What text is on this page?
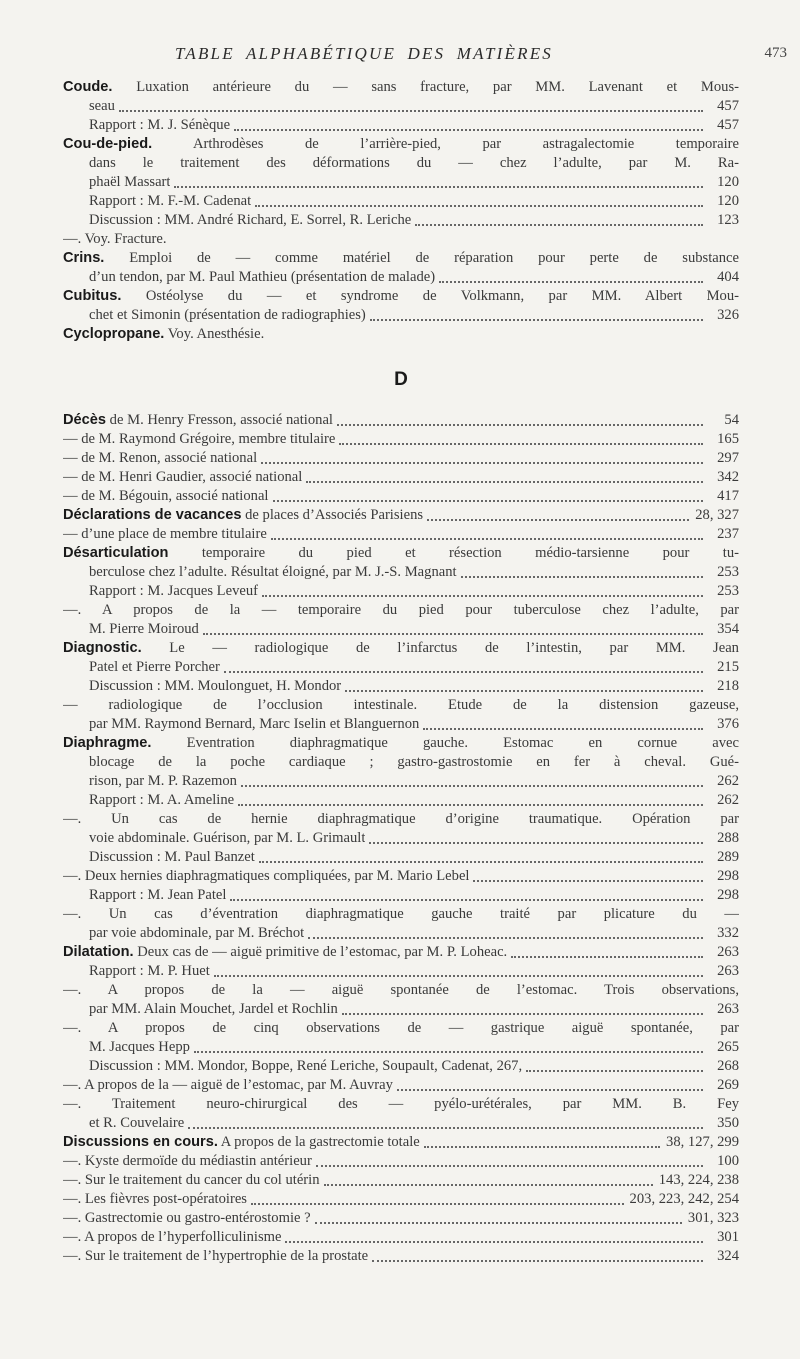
TABLE ALPHABÉTIQUE DES MATIÈRES	473
Coude. Luxation antérieure du — sans fracture, par MM. Lavenant et Mous-
seau	457
Rapport : M. J. Sénèque	457
Cou-de-pied.	Arthrodèses de l’arrière-pied, par astragalectomie temporaire
dans le traitement des déformations du — chez l’adulte, par M. Ra-
phaël Massart	120
Rapport : M. F.-M. Cadenat	120
Discussion : MM. André Richard, E. Sorrel, R. Leriche	123
—. Voy. Fracture.
Crins. Emploi de — comme matériel de réparation pour perte de substance
d’un tendon, par M. Paul Mathieu (présentation de malade)	404
Cubitus. Ostéolyse du — et syndrome de Volkmann, par MM. Albert Mou-
chet et Simonin (présentation de radiographies)	326
Cyclopropane. Voy. Anesthésie.
D
Décès de M. Henry Fresson, associé national	54
— de M. Raymond Grégoire, membre titulaire	165
— de M. Renon, associé national	297
— de M. Henri Gaudier, associé national	342
— de M. Bégouin, associé national	417
Déclarations de vacances de places d’Associés Parisiens	28, 327
— d’une place de membre titulaire	237
Désarticulation temporaire du pied et résection médio-tarsienne pour tu-
berculose chez l’adulte. Résultat éloigné, par M. J.-S. Magnant	253
Rapport : M. Jacques Leveuf	253
—. A propos de la — temporaire du pied pour tuberculose chez l’adulte, par
M. Pierre Moiroud	354
Diagnostic. Le — radiologique de l’infarctus de l’intestin, par MM. Jean
Patel et Pierre Porcher	215
Discussion : MM. Moulonguet, H. Mondor	218
— radiologique de l’occlusion intestinale. Etude de la distension gazeuse,
par MM. Raymond Bernard, Marc Iselin et Blanguernon	376
Diaphragme. Eventration diaphragmatique gauche. Estomac en cornue avec
blocage de la poche cardiaque ; gastro-gastrostomie en fer à cheval. Gué-
rison, par M. P. Razemon	262
Rapport : M. A. Ameline	262
—. Un cas de hernie diaphragmatique d’origine traumatique. Opération par
voie abdominale. Guérison, par M. L. Grimault	288
Discussion : M. Paul Banzet	289
—. Deux hernies diaphragmatiques compliquées, par M. Mario Lebel	298
Rapport : M. Jean Patel	298
—. Un cas d’éventration diaphragmatique gauche traité par plicature du —
par voie abdominale, par M. Bréchot	332
Dilatation. Deux cas de — aiguë primitive de l’estomac, par M. P. Loheac.	263
Rapport : M. P. Huet	263
—. A propos de la — aiguë spontanée de l’estomac. Trois observations,
par MM. Alain Mouchet, Jardel et Rochlin	263
—. A propos de cinq observations de — gastrique aiguë spontanée, par
M. Jacques Hepp	265
Discussion : MM. Mondor, Boppe, René Leriche, Soupault, Cadenat, 267,	268
—. A propos de la — aiguë de l’estomac, par M. Auvray	269
—. Traitement neuro-chirurgical des — pyélo-urétérales, par MM. B. Fey
et R. Couvelaire	350
Discussions en cours. A propos de la gastrectomie totale	38, 127, 299
—. Kyste dermoïde du médiastin antérieur	100
—. Sur le traitement du cancer du col utérin	143, 224, 238
—. Les fièvres post-opératoires	203, 223, 242, 254
—. Gastrectomie ou gastro-entérostomie ?	301, 323
—. A propos de l’hyperfolliculinisme	301
—. Sur le traitement de l’hypertrophie de la prostate	324
